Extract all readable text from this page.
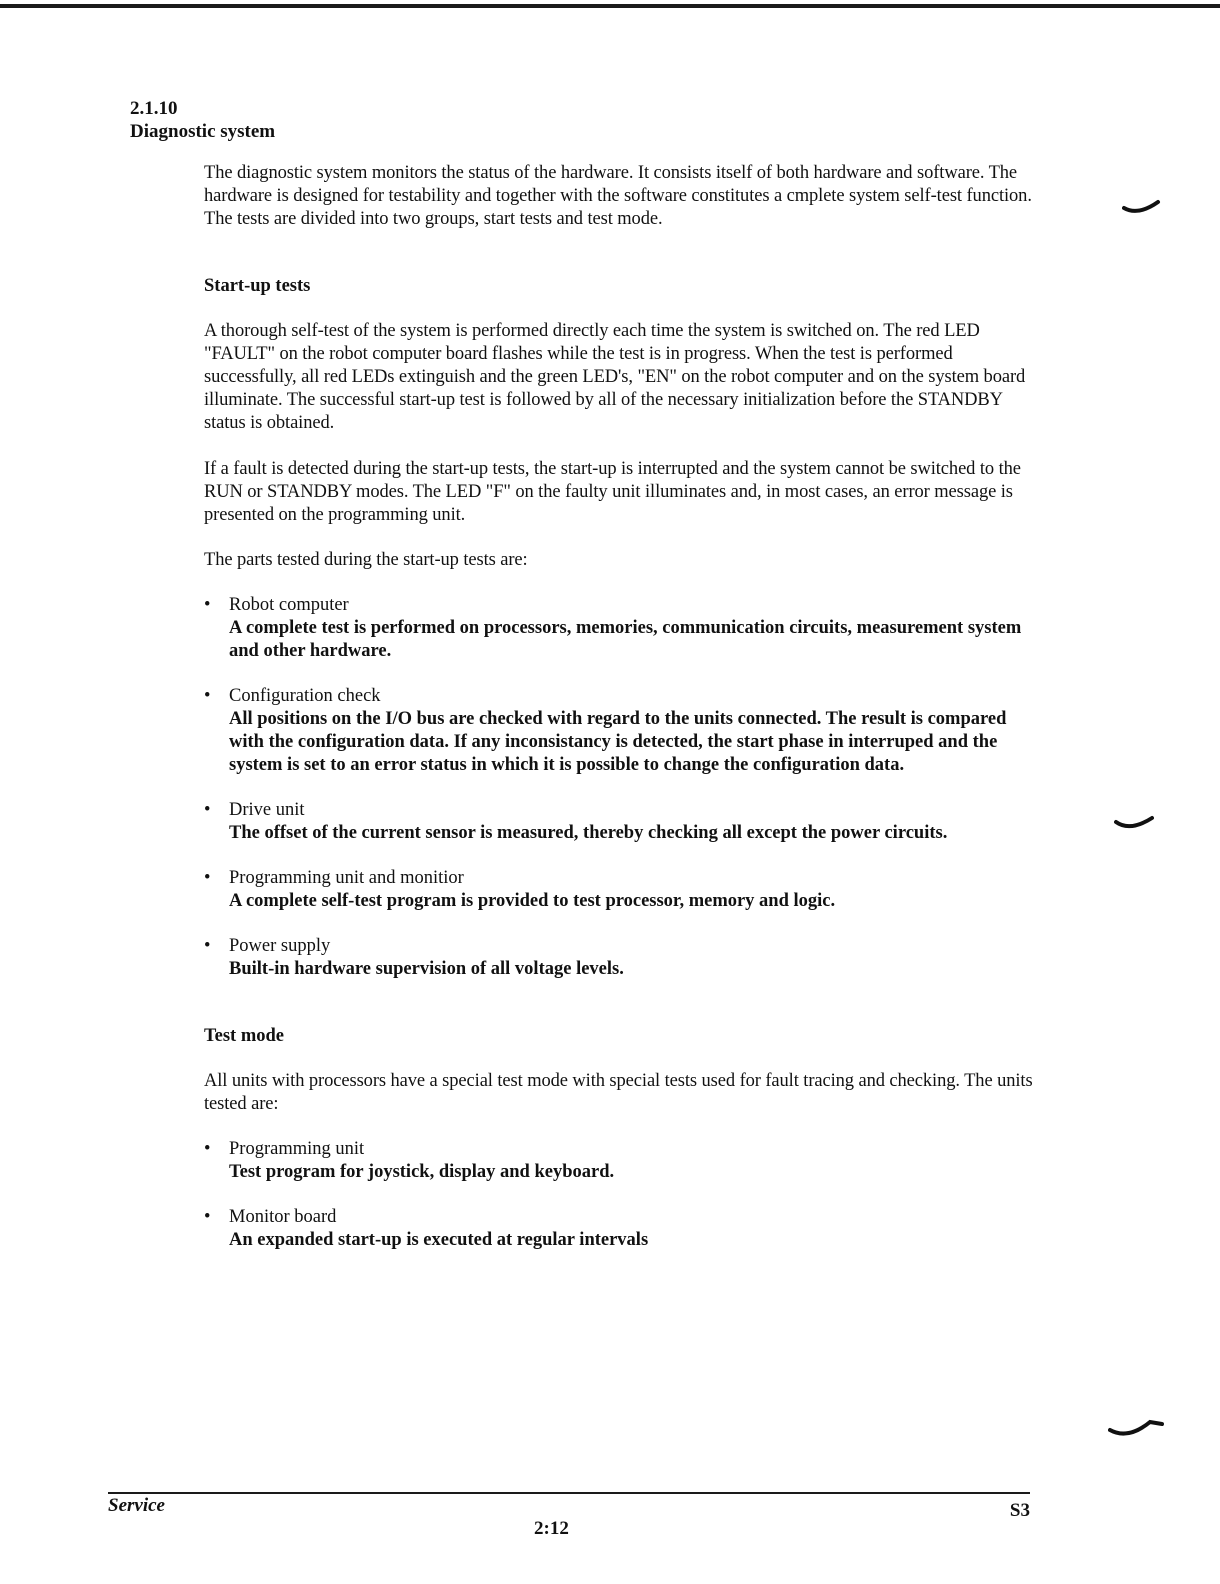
2.1.10
Diagnostic system

The diagnostic system monitors the status of the hardware. It consists itself of both hardware and software. The hardware is designed for testability and together with the software constitutes a cmplete system self-test function. The tests are divided into two groups, start tests and test mode.

Start-up tests

A thorough self-test of the system is performed directly each time the system is switched on. The red LED "FAULT" on the robot computer board flashes while the test is in progress. When the test is performed successfully, all red LEDs extinguish and the green LED's, "EN" on the robot computer and on the system board illuminate. The successful start-up test is followed by all of the necessary initialization before the STANDBY status is obtained.

If a fault is detected during the start-up tests, the start-up is interrupted and the system cannot be switched to the RUN or STANDBY modes. The LED "F" on the faulty unit illuminates and, in most cases, an error message is presented on the programming unit.

The parts tested during the start-up tests are:

• Robot computer
A complete test is performed on processors, memories, communication circuits, measurement system and other hardware.
• Configuration check
All positions on the I/O bus are checked with regard to the units connected. The result is compared with the configuration data. If any inconsistancy is detected, the start phase in interruped and the system is set to an error status in which it is possible to change the configuration data.
• Drive unit
The offset of the current sensor is measured, thereby checking all except the power circuits.
• Programming unit and monitior
A complete self-test program is provided to test processor, memory and logic.
• Power supply
Built-in hardware supervision of all voltage levels.

Test mode

All units with processors have a special test mode with special tests used for fault tracing and checking. The units tested are:

• Programming unit
Test program for joystick, display and keyboard.
• Monitor board
An expanded start-up is executed at regular intervals
Service	S3
2:12
